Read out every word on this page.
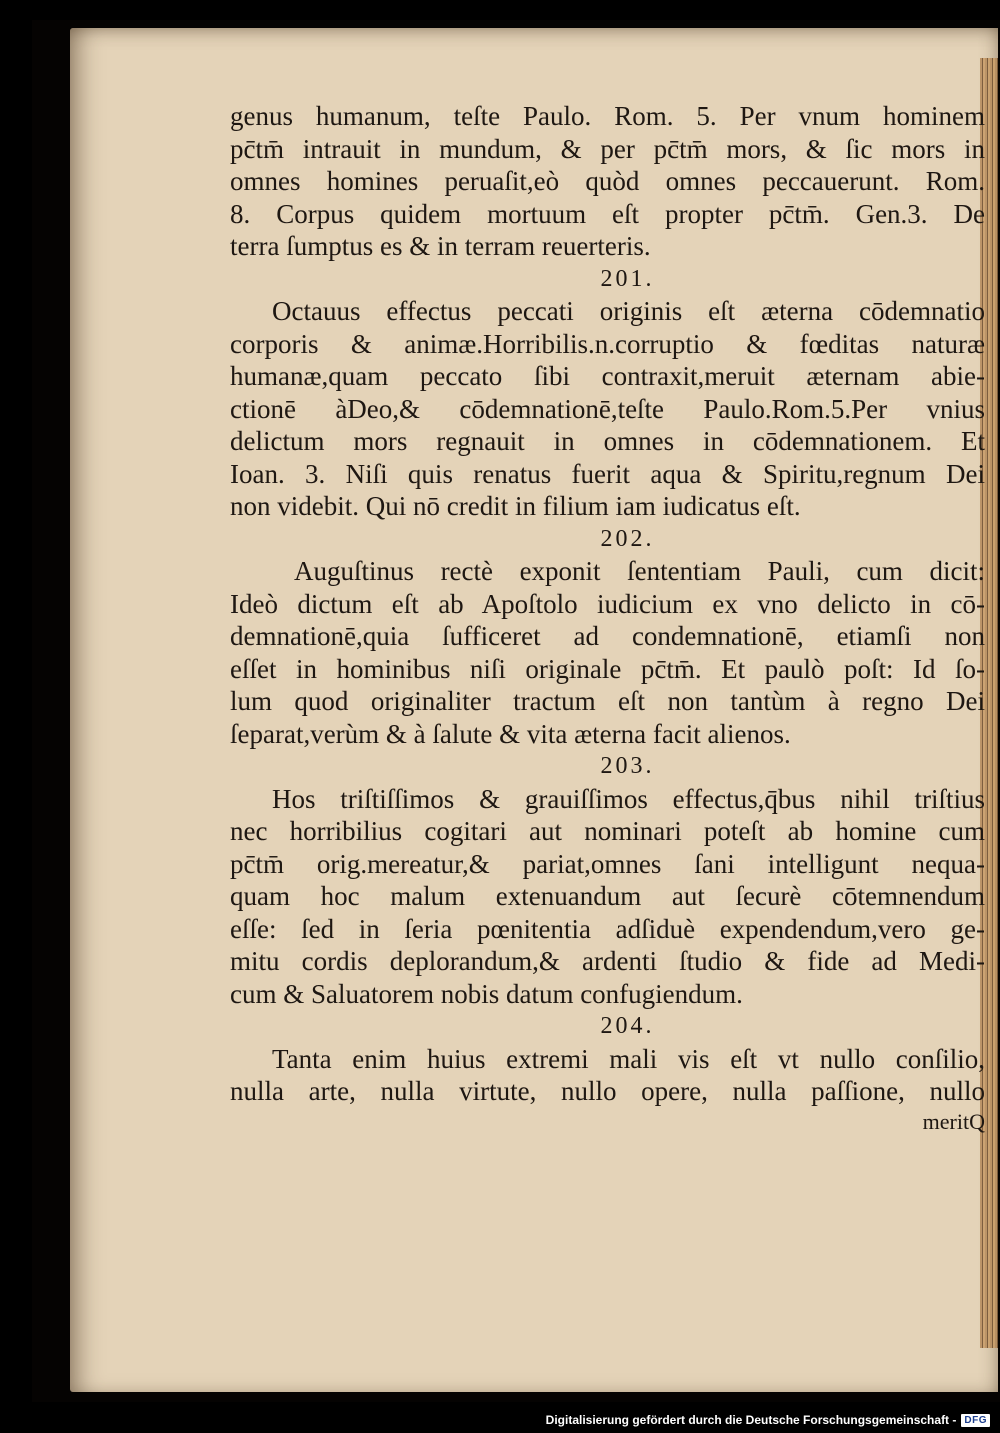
genus humanum, teſte Paulo. Rom. 5. Per vnum hominem
pc̄tm̄ intrauit in mundum, & per pc̄tm̄ mors, & ſic mors in
omnes homines peruaſit,eò quòd omnes peccauerunt. Rom.
8. Corpus quidem mortuum eſt propter pc̄tm̄. Gen.3. De
terra ſumptus es & in terram reuerteris.
201.
Octauus effectus peccati originis eſt æterna cōdemnatio
corporis & animæ.Horribilis.n.corruptio & fœditas naturæ
humanæ,quam peccato ſibi contraxit,meruit æternam abie-
ctionē àDeo,& cōdemnationē,teſte Paulo.Rom.5.Per vnius
delictum mors regnauit in omnes in cōdemnationem. Et
Ioan. 3. Niſi quis renatus fuerit aqua & Spiritu,regnum Dei
non videbit. Qui nō credit in filium iam iudicatus eſt.
202.
Auguſtinus rectè exponit ſententiam Pauli, cum dicit:
Ideò dictum eſt ab Apoſtolo iudicium ex vno delicto in cō-
demnationē,quia ſufficeret ad condemnationē, etiamſi non
eſſet in hominibus niſi originale pc̄tm̄. Et paulò poſt: Id ſo-
lum quod originaliter tractum eſt non tantùm à regno Dei
ſeparat,verùm & à ſalute & vita æterna facit alienos.
203.
Hos triſtiſſimos & grauiſſimos effectus,q̄bus nihil triſtius
nec horribilius cogitari aut nominari poteſt ab homine cum
pc̄tm̄ orig.mereatur,& pariat,omnes ſani intelligunt nequa-
quam hoc malum extenuandum aut ſecurè cōtemnendum
eſſe: ſed in ſeria pœnitentia adſiduè expendendum,vero ge-
mitu cordis deplorandum,& ardenti ſtudio & fide ad Medi-
cum & Saluatorem nobis datum confugiendum.
204.
Tanta enim huius extremi mali vis eſt vt nullo conſilio,
nulla arte, nulla virtute, nullo opere, nulla paſſione, nullo
meritQ
Digitalisierung gefördert durch die Deutsche Forschungsgemeinschaft - DFG
